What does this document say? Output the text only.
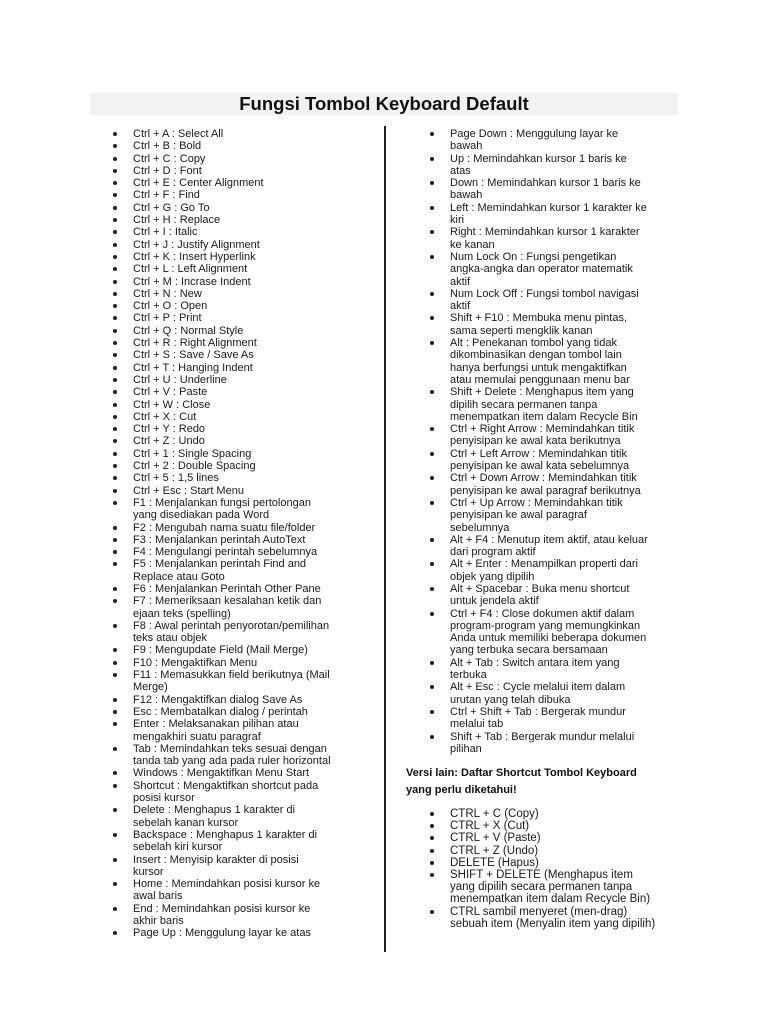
Fungsi Tombol Keyboard Default
Ctrl + A : Select All
Ctrl + B : Bold
Ctrl + C : Copy
Ctrl + D : Font
Ctrl + E : Center Alignment
Ctrl + F : Find
Ctrl + G : Go To
Ctrl + H : Replace
Ctrl + I : Italic
Ctrl + J : Justify Alignment
Ctrl + K : Insert Hyperlink
Ctrl + L : Left Alignment
Ctrl + M : Incrase Indent
Ctrl + N : New
Ctrl + O : Open
Ctrl + P : Print
Ctrl + Q : Normal Style
Ctrl + R : Right Alignment
Ctrl + S : Save / Save As
Ctrl + T : Hanging Indent
Ctrl + U : Underline
Ctrl + V : Paste
Ctrl + W : Close
Ctrl + X : Cut
Ctrl + Y : Redo
Ctrl + Z : Undo
Ctrl + 1 : Single Spacing
Ctrl + 2 : Double Spacing
Ctrl + 5 : 1,5 lines
Ctrl + Esc : Start Menu
F1 : Menjalankan fungsi pertolongan
yang disediakan pada Word
F2 : Mengubah nama suatu file/folder
F3 : Menjalankan perintah AutoText
F4 : Mengulangi perintah sebelumnya
F5 : Menjalankan perintah Find and
Replace atau Goto
F6 : Menjalankan Perintah Other Pane
F7 : Memeriksaan kesalahan ketik dan
ejaan teks (spelling)
F8 : Awal perintah penyorotan/pemilihan
teks atau objek
F9 : Mengupdate Field (Mail Merge)
F10 : Mengaktifkan Menu
F11 : Memasukkan field berikutnya (Mail
Merge)
F12 : Mengaktifkan dialog Save As
Esc : Membatalkan dialog / perintah
Enter : Melaksanakan pilihan atau
mengakhiri suatu paragraf
Tab : Memindahkan teks sesuai dengan
tanda tab yang ada pada ruler horizontal
Windows : Mengaktifkan Menu Start
Shortcut : Mengaktifkan shortcut pada
posisi kursor
Delete : Menghapus 1 karakter di
sebelah kanan kursor
Backspace : Menghapus 1 karakter di
sebelah kiri kursor
Insert : Menyisip karakter di posisi
kursor
Home : Memindahkan posisi kursor ke
awal baris
End : Memindahkan posisi kursor ke
akhir baris
Page Up : Menggulung layar ke atas
Page Down : Menggulung layar ke
bawah
Up : Memindahkan kursor 1 baris ke
atas
Down : Memindahkan kursor 1 baris ke
bawah
Left : Memindahkan kursor 1 karakter ke
kiri
Right : Memindahkan kursor 1 karakter
ke kanan
Num Lock On : Fungsi pengetikan
angka-angka dan operator matematik
aktif
Num Lock Off : Fungsi tombol navigasi
aktif
Shift + F10 : Membuka menu pintas,
sama seperti mengklik kanan
Alt : Penekanan tombol yang tidak
dikombinasikan dengan tombol lain
hanya berfungsi untuk mengaktifkan
atau memulai penggunaan menu bar
Shift + Delete : Menghapus item yang
dipilih secara permanen tanpa
menempatkan item dalam Recycle Bin
Ctrl + Right Arrow : Memindahkan titik
penyisipan ke awal kata berikutnya
Ctrl + Left Arrow : Memindahkan titik
penyisipan ke awal kata sebelumnya
Ctrl + Down Arrow : Memindahkan titik
penyisipan ke awal paragraf berikutnya
Ctrl + Up Arrow : Memindahkan titik
penyisipan ke awal paragraf
sebelumnya
Alt + F4 : Menutup item aktif, atau keluar
dari program aktif
Alt + Enter : Menampilkan properti dari
objek yang dipilih
Alt + Spacebar : Buka menu shortcut
untuk jendela aktif
Ctrl + F4 : Close dokumen aktif dalam
program-program yang memungkinkan
Anda untuk memiliki beberapa dokumen
yang terbuka secara bersamaan
Alt + Tab : Switch antara item yang
terbuka
Alt + Esc : Cycle melalui item dalam
urutan yang telah dibuka
Ctrl + Shift + Tab : Bergerak mundur
melalui tab
Shift + Tab : Bergerak mundur melalui
pilihan
Versi lain: Daftar Shortcut Tombol Keyboard
yang perlu diketahui!
CTRL + C (Copy)
CTRL + X (Cut)
CTRL + V (Paste)
CTRL + Z (Undo)
DELETE (Hapus)
SHIFT + DELETE (Menghapus item
yang dipilih secara permanen tanpa
menempatkan item dalam Recycle Bin)
CTRL sambil menyeret (men-drag)
sebuah item (Menyalin item yang dipilih)
